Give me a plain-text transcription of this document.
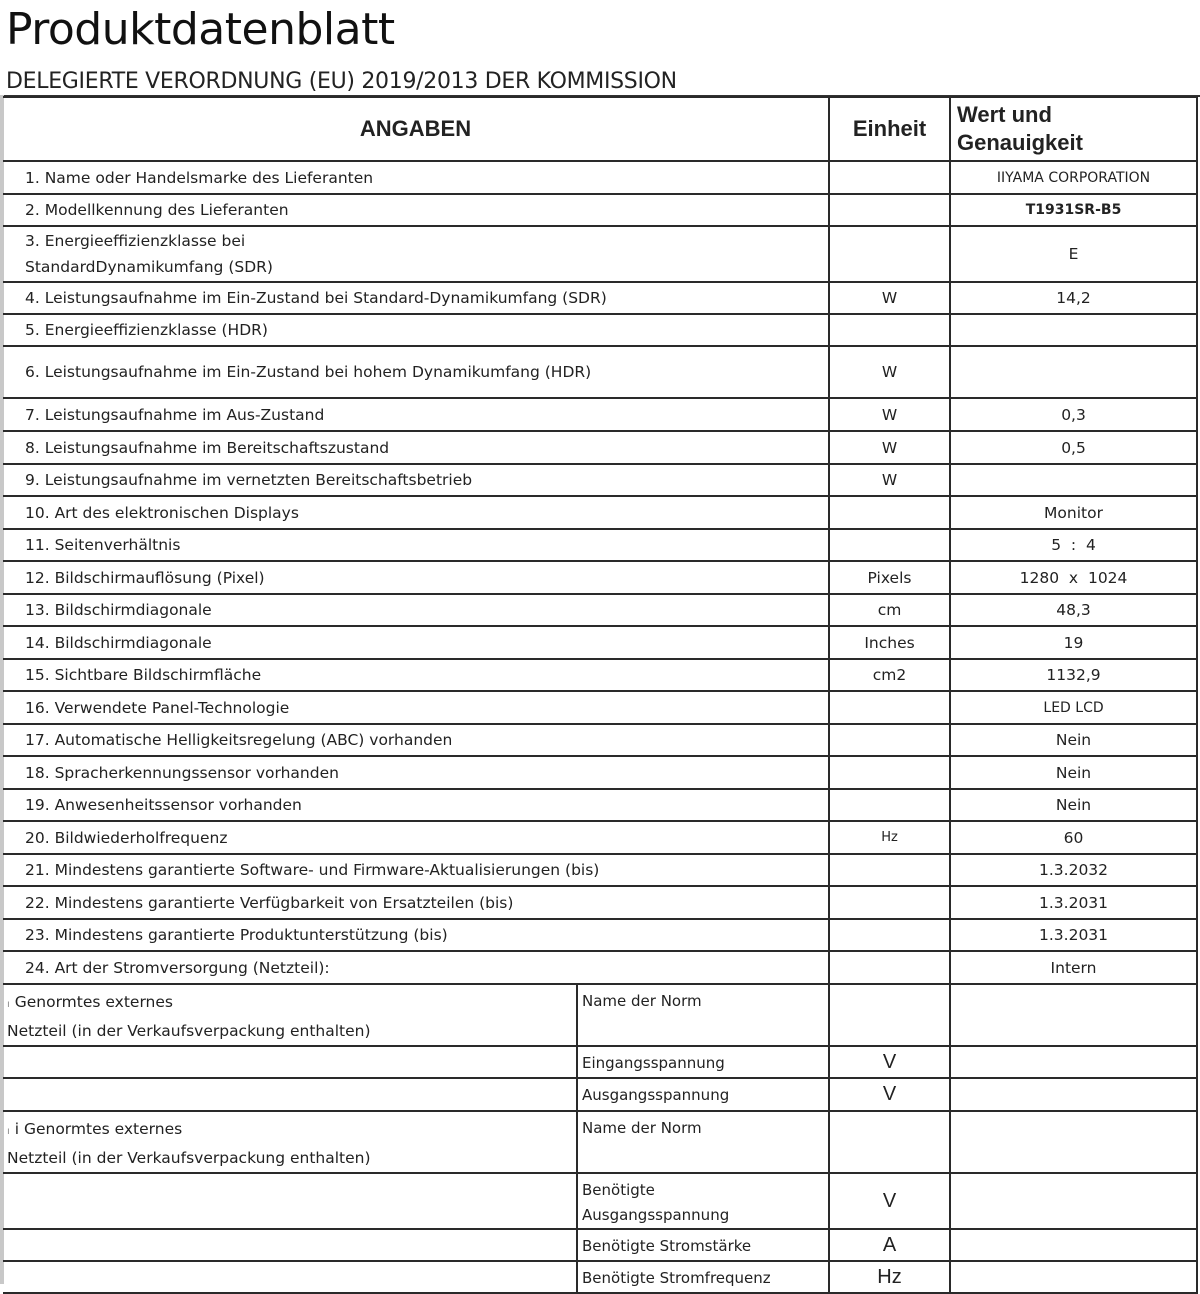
Produktdatenblatt
DELEGIERTE VERORDNUNG (EU) 2019/2013 DER KOMMISSION
ANGABEN		Einheit	Wert und
Genauigkeit
1. Name oder Handelsmarke des Lieferanten			IIYAMA CORPORATION
2. Modellkennung des Lieferanten			T1931SR-B5
3. Energieeffizienzklasse bei
StandardDynamikumfang (SDR)			E
4. Leistungsaufnahme im Ein-Zustand bei Standard-Dynamikumfang (SDR)		W	14,2
5. Energieeffizienzklasse (HDR)			
6. Leistungsaufnahme im Ein-Zustand bei hohem Dynamikumfang (HDR)		W	
7. Leistungsaufnahme im Aus-Zustand		W	0,3
8. Leistungsaufnahme im Bereitschaftszustand		W	0,5
9. Leistungsaufnahme im vernetzten Bereitschaftsbetrieb		W	
10. Art des elektronischen Displays			Monitor
11. Seitenverhältnis			5  :  4
12. Bildschirmauflösung (Pixel)		Pixels	1280  x  1024
13. Bildschirmdiagonale		cm	48,3
14. Bildschirmdiagonale		Inches	19
15. Sichtbare Bildschirmfläche		cm2	1132,9
16. Verwendete Panel-Technologie			LED LCD
17. Automatische Helligkeitsregelung (ABC) vorhanden			Nein
18. Spracherkennungssensor vorhanden			Nein
19. Anwesenheitssensor vorhanden			Nein
20. Bildwiederholfrequenz		Hz	60
21. Mindestens garantierte Software- und Firmware-Aktualisierungen (bis)			1.3.2032
22. Mindestens garantierte Verfügbarkeit von Ersatzteilen (bis)			1.3.2031
23. Mindestens garantierte Produktunterstützung (bis)			1.3.2031
24. Art der Stromversorgung (Netzteil):			Intern
ı Genormtes externes
Netzteil (in der Verkaufsverpackung enthalten)	Name der Norm		
	Eingangsspannung	V	
	Ausgangsspannung	V	
ı i Genormtes externes
Netzteil (in der Verkaufsverpackung enthalten)	Name der Norm		
	Benötigte
Ausgangsspannung	V	
	Benötigte Stromstärke	A	
	Benötigte Stromfrequenz	Hz	
